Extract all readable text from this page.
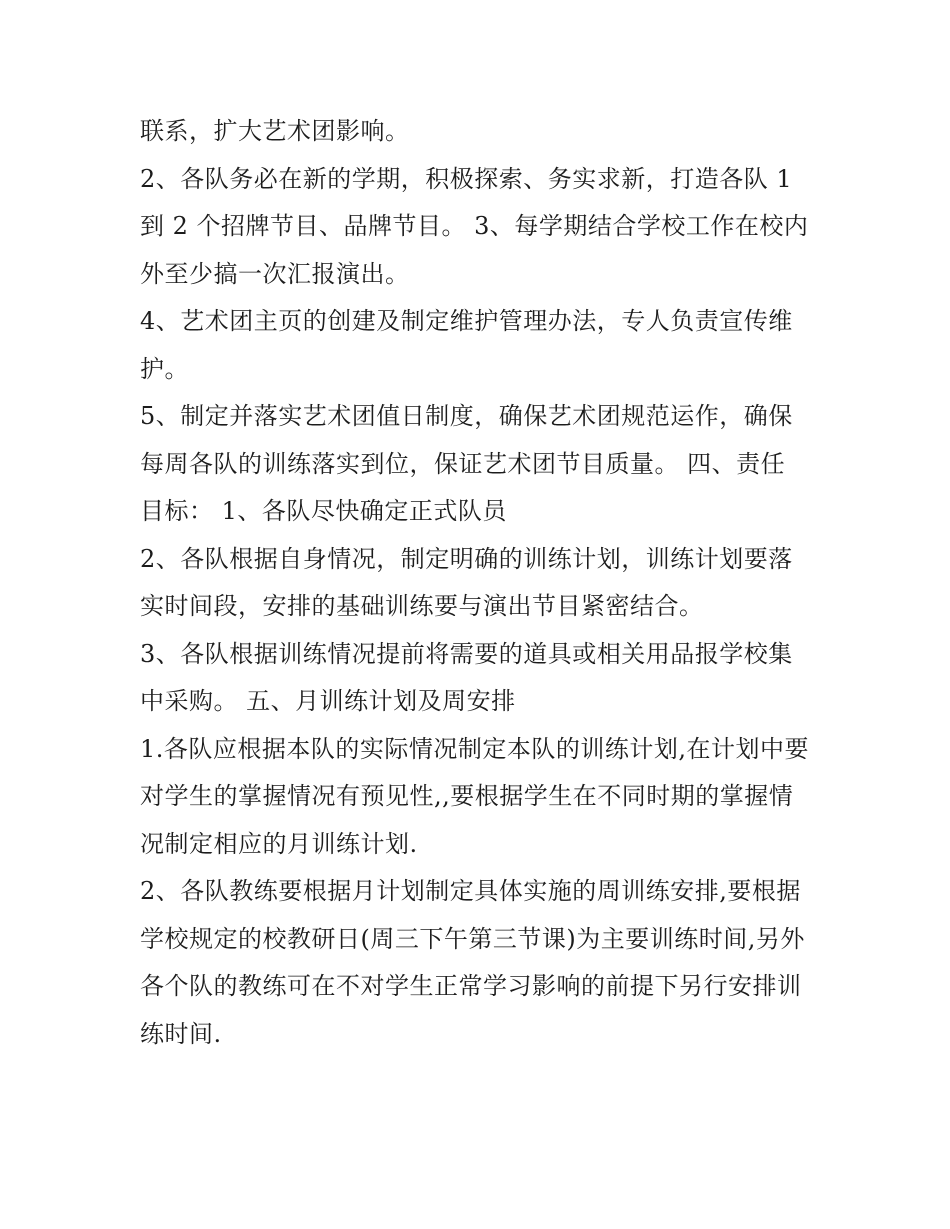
联系，扩大艺术团影响。
2、各队务必在新的学期，积极探索、务实求新，打造各队 1
到 2 个招牌节目、品牌节目。 3、每学期结合学校工作在校内
外至少搞一次汇报演出。
4、艺术团主页的创建及制定维护管理办法，专人负责宣传维
护。
5、制定并落实艺术团值日制度，确保艺术团规范运作，确保
每周各队的训练落实到位，保证艺术团节目质量。 四、责任
目标： 1、各队尽快确定正式队员
2、各队根据自身情况，制定明确的训练计划，训练计划要落
实时间段，安排的基础训练要与演出节目紧密结合。
3、各队根据训练情况提前将需要的道具或相关用品报学校集
中采购。 五、月训练计划及周安排
1.各队应根据本队的实际情况制定本队的训练计划,在计划中要
对学生的掌握情况有预见性,,要根据学生在不同时期的掌握情
况制定相应的月训练计划.
2、各队教练要根据月计划制定具体实施的周训练安排,要根据
学校规定的校教研日(周三下午第三节课)为主要训练时间,另外
各个队的教练可在不对学生正常学习影响的前提下另行安排训
练时间.
